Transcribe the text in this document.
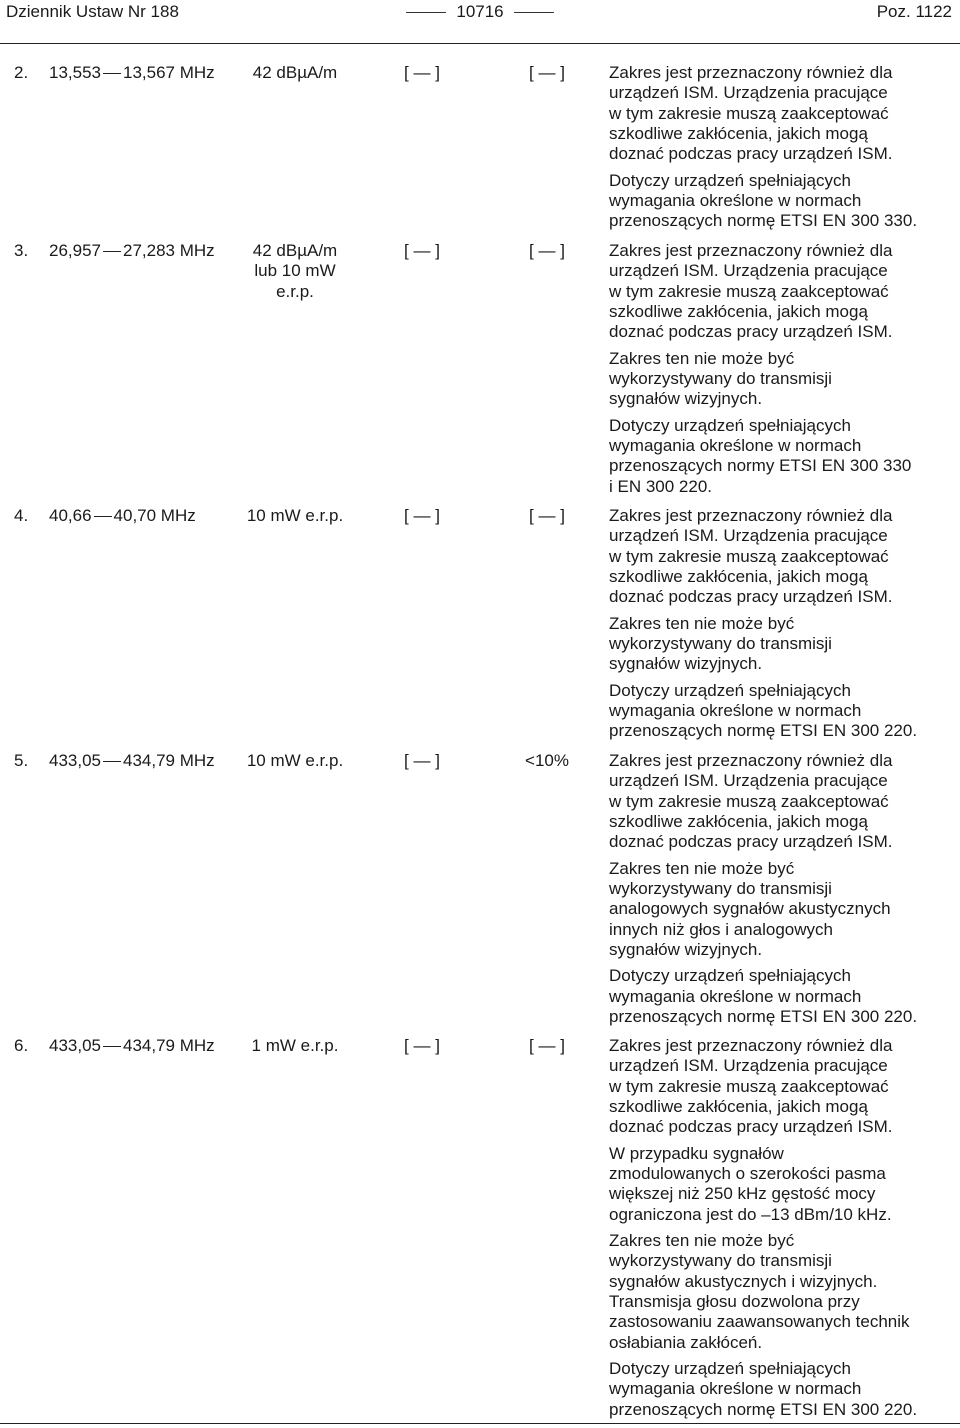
Dziennik Ustaw Nr 188	10716	Poz. 1122
2. 13,553 13,567 MHz	42 dBµA/m	[ — ]	[ — ]	Zakres jest przeznaczony również dla
urządzeń ISM. Urządzenia pracujące
w tym zakresie muszą zaakceptować
szkodliwe zakłócenia, jakich mogą
doznać podczas pracy urządzeń ISM.
Dotyczy urządzeń spełniających
wymagania określone w normach
przenoszących normę ETSI EN 300 330.
3. 26,957 27,283 MHz	42 dBµA/m
lub 10 mW
e.r.p.
[ — ]	[ — ]	Zakres jest przeznaczony również dla
urządzeń ISM. Urządzenia pracujące
w tym zakresie muszą zaakceptować
szkodliwe zakłócenia, jakich mogą
doznać podczas pracy urządzeń ISM.
Zakres ten nie może być
wykorzystywany do transmisji
sygnałów wizyjnych.
Dotyczy urządzeń spełniających
wymagania określone w normach
przenoszących normy ETSI EN 300 330
i EN 300 220.
4. 40,66 40,70 MHz	10 mW e.r.p.	[ — ]	[ — ]	Zakres jest przeznaczony również dla
urządzeń ISM. Urządzenia pracujące
w tym zakresie muszą zaakceptować
szkodliwe zakłócenia, jakich mogą
doznać podczas pracy urządzeń ISM.
Zakres ten nie może być
wykorzystywany do transmisji
sygnałów wizyjnych.
Dotyczy urządzeń spełniających
wymagania określone w normach
przenoszących normę ETSI EN 300 220.
5. 433,05 434,79 MHz	10 mW e.r.p.	[ — ]	<10%	Zakres jest przeznaczony również dla
urządzeń ISM. Urządzenia pracujące
w tym zakresie muszą zaakceptować
szkodliwe zakłócenia, jakich mogą
doznać podczas pracy urządzeń ISM.
Zakres ten nie może być
wykorzystywany do transmisji
analogowych sygnałów akustycznych
innych niż głos i analogowych
sygnałów wizyjnych.
Dotyczy urządzeń spełniających
wymagania określone w normach
przenoszących normę ETSI EN 300 220.
6. 433,05 434,79 MHz	1 mW e.r.p.	[ — ]	[ — ]	Zakres jest przeznaczony również dla
urządzeń ISM. Urządzenia pracujące
w tym zakresie muszą zaakceptować
szkodliwe zakłócenia, jakich mogą
doznać podczas pracy urządzeń ISM.
W przypadku sygnałów
zmodulowanych o szerokości pasma
większej niż 250 kHz gęstość mocy
ograniczona jest do –13 dBm/10 kHz.
Zakres ten nie może być
wykorzystywany do transmisji
sygnałów akustycznych i wizyjnych.
Transmisja głosu dozwolona przy
zastosowaniu zaawansowanych technik
osłabiania zakłóceń.
Dotyczy urządzeń spełniających
wymagania określone w normach
przenoszących normę ETSI EN 300 220.
